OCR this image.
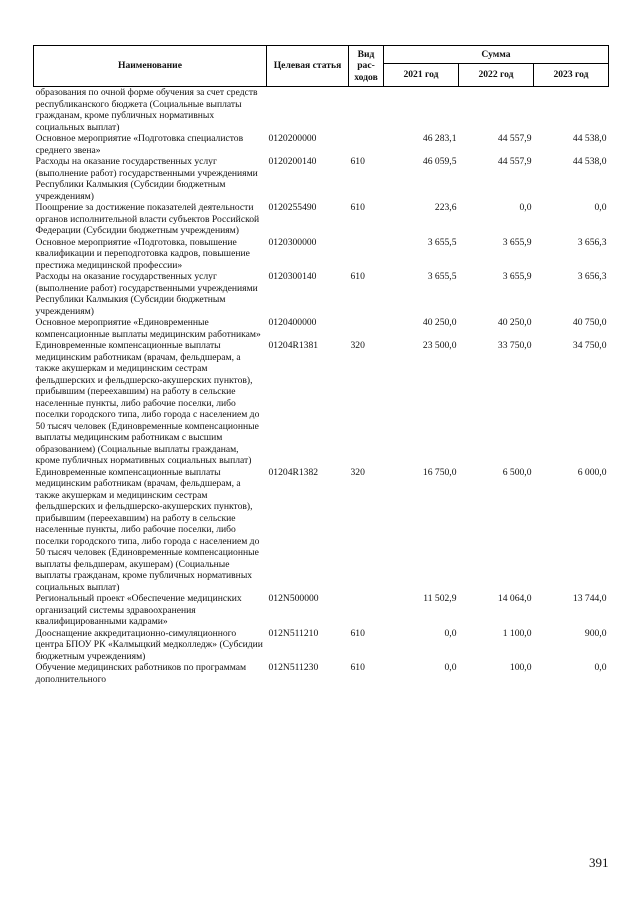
Наименование	Целевая статья	Вид рас-ходов	Сумма		
			2021 год	2022 год	2023 год
образования по очной форме обучения за счет средств республиканского бюджета (Социальные выплаты гражданам, кроме публичных нормативных социальных выплат)					
Основное мероприятие «Подготовка специалистов среднего звена»	0120200000		46 283,1	44 557,9	44 538,0
Расходы на оказание государственных услуг (выполнение работ) государственными учреждениями Республики Калмыкия (Субсидии бюджетным учреждениям)	0120200140	610	46 059,5	44 557,9	44 538,0
Поощрение за достижение показателей деятельности органов исполнительной власти субъектов Российской Федерации (Субсидии бюджетным учреждениям)	0120255490	610	223,6	0,0	0,0
Основное мероприятие «Подготовка, повышение квалификации и переподготовка кадров, повышение престижа медицинской профессии»	0120300000		3 655,5	3 655,9	3 656,3
Расходы на оказание государственных услуг (выполнение работ) государственными учреждениями Республики Калмыкия (Субсидии бюджетным учреждениям)	0120300140	610	3 655,5	3 655,9	3 656,3
Основное мероприятие «Единовременные компенсационные выплаты медицинским работникам»	0120400000		40 250,0	40 250,0	40 750,0
Единовременные компенсационные выплаты медицинским работникам (врачам, фельдшерам, а также акушеркам и медицинским сестрам фельдшерских и фельдшерско-акушерских пунктов), прибывшим (переехавшим) на работу в сельские населенные пункты, либо рабочие поселки, либо поселки городского типа, либо города с населением до 50 тысяч человек (Единовременные компенсационные выплаты медицинским работникам с высшим образованием) (Социальные выплаты гражданам, кроме публичных нормативных социальных выплат)	01204R1381	320	23 500,0	33 750,0	34 750,0
Единовременные компенсационные выплаты медицинским работникам (врачам, фельдшерам, а также акушеркам и медицинским сестрам фельдшерских и фельдшерско-акушерских пунктов), прибывшим (переехавшим) на работу в сельские населенные пункты, либо рабочие поселки, либо поселки городского типа, либо города с населением до 50 тысяч человек (Единовременные компенсационные выплаты фельдшерам, акушерам) (Социальные выплаты гражданам, кроме публичных нормативных социальных выплат)	01204R1382	320	16 750,0	6 500,0	6 000,0
Региональный проект «Обеспечение медицинских организаций системы здравоохранения квалифицированными кадрами»	012N500000		11 502,9	14 064,0	13 744,0
Дооснащение аккредитационно-симуляционного центра БПОУ РК «Калмыцкий медколледж» (Субсидии бюджетным учреждениям)	012N511210	610	0,0	1 100,0	900,0
Обучение медицинских работников по программам дополнительного	012N511230	610	0,0	100,0	0,0
391
